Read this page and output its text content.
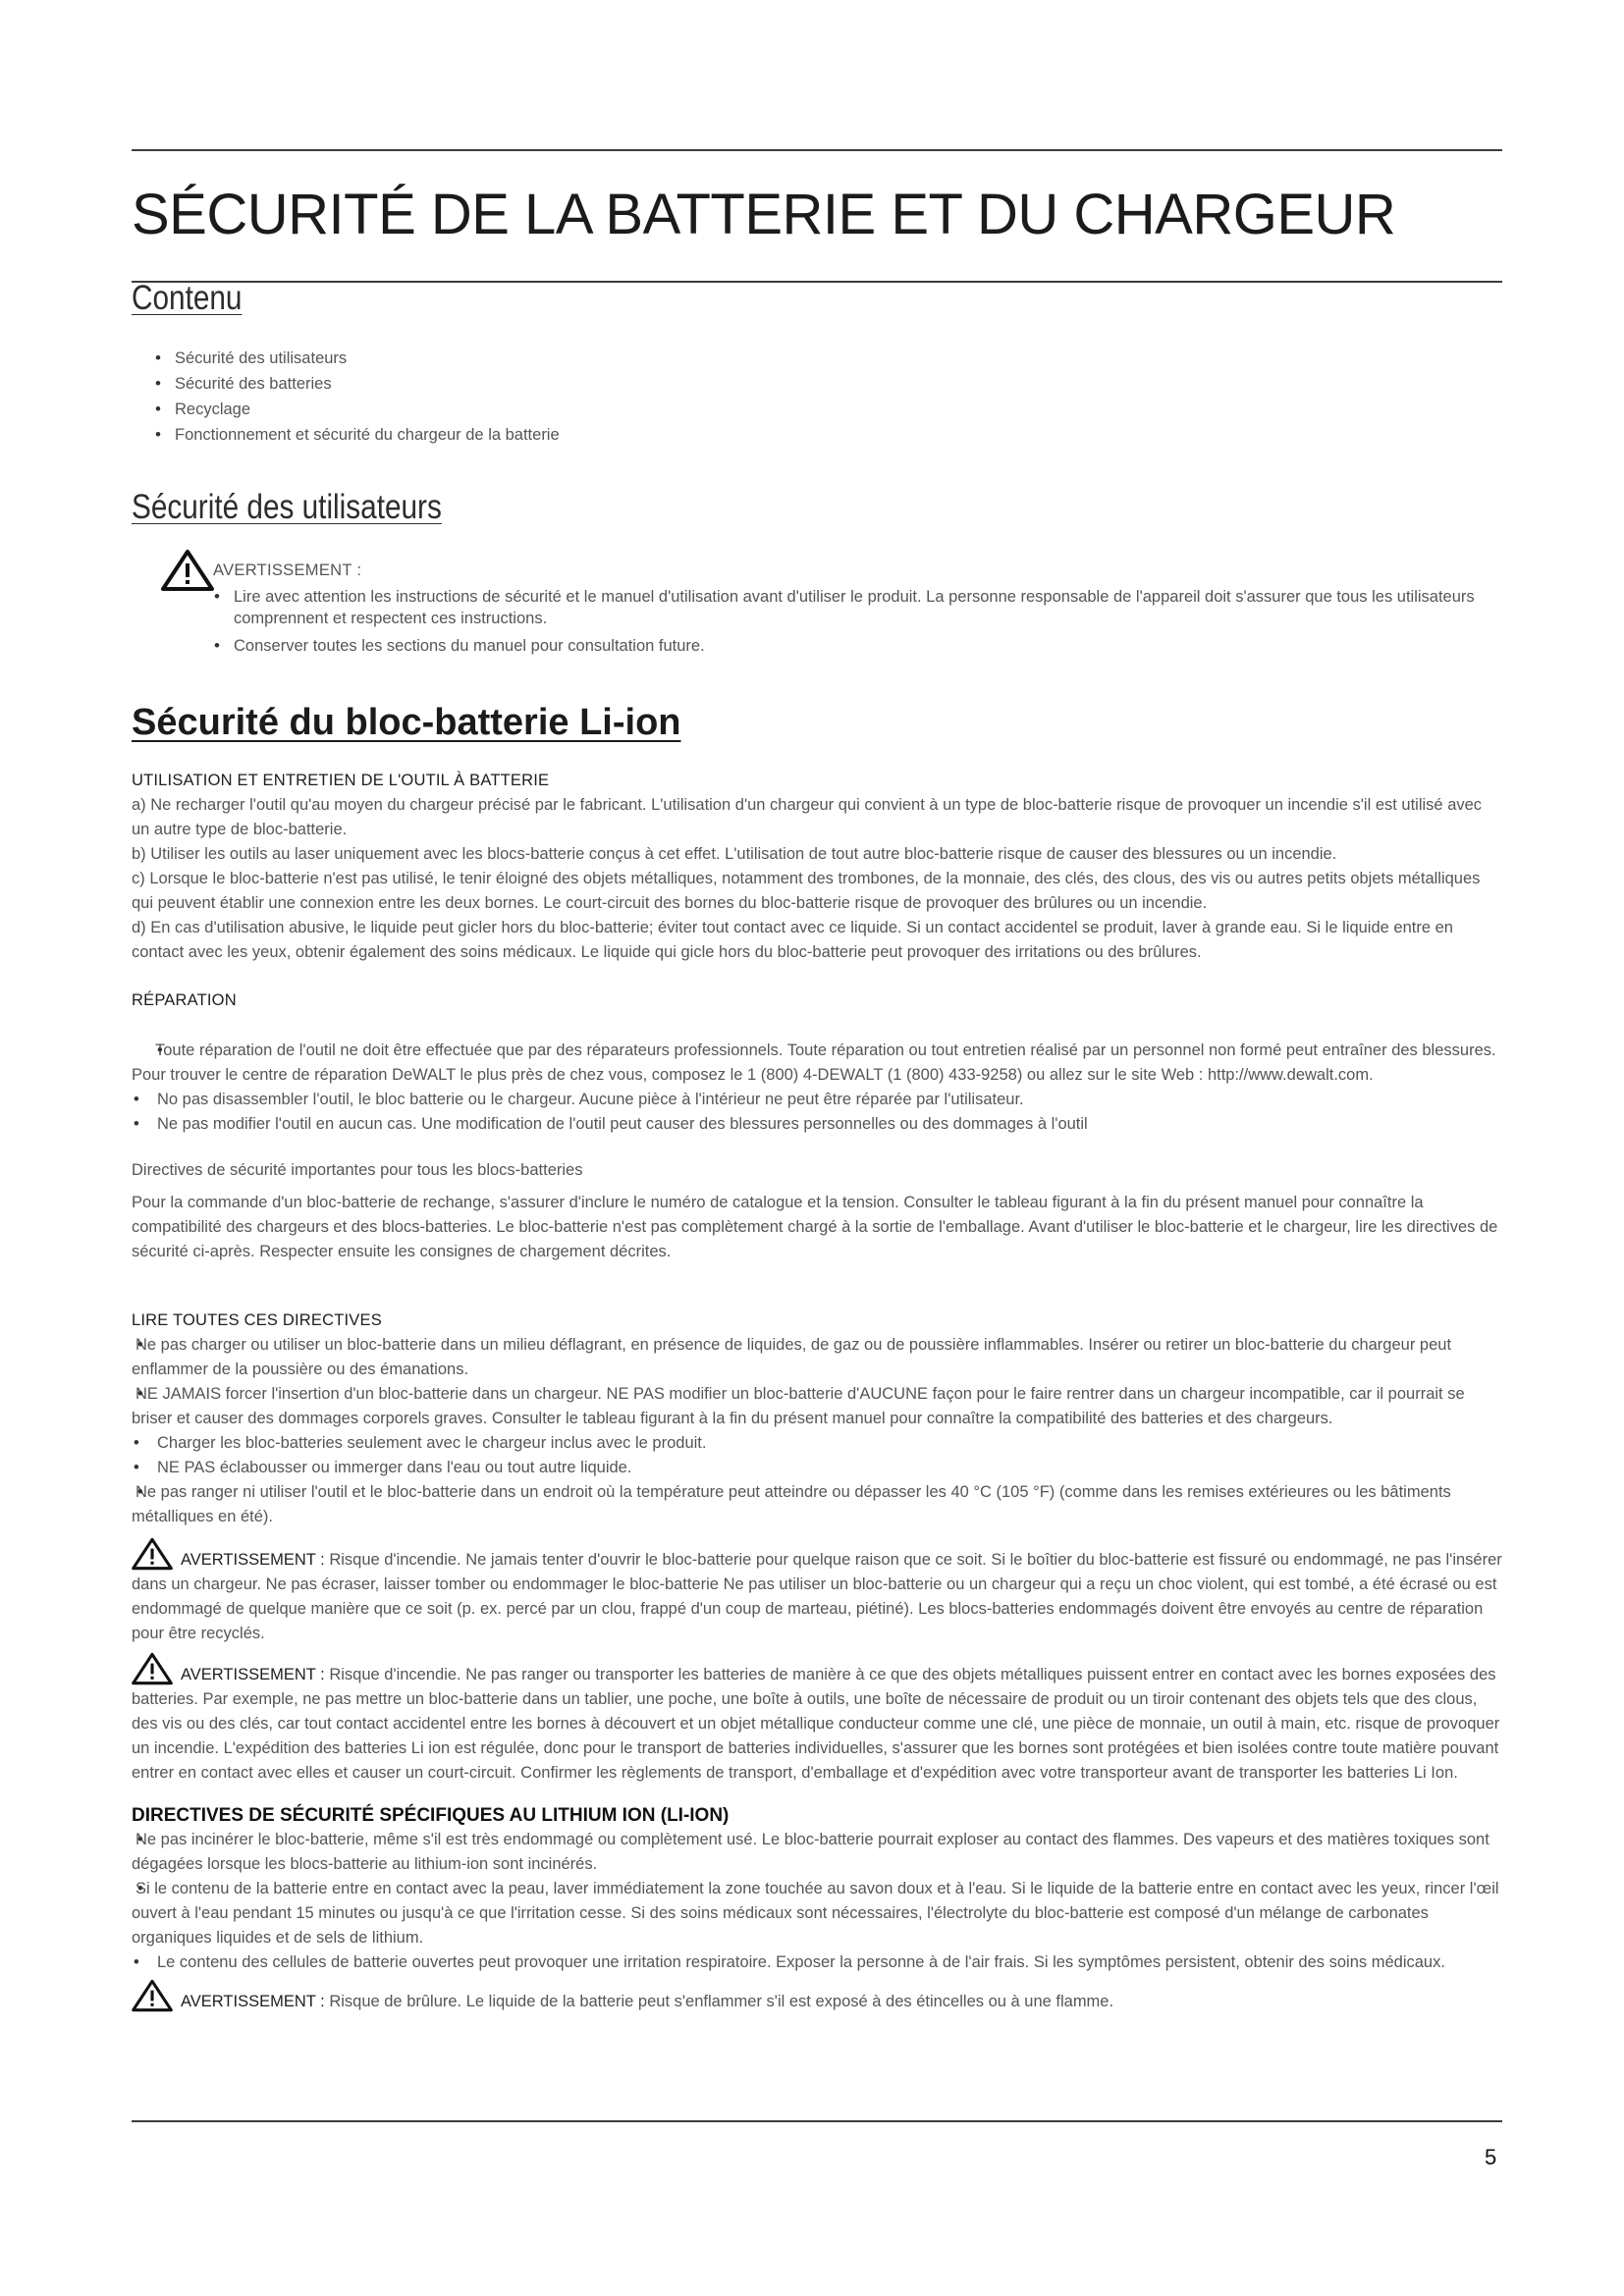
SÉCURITÉ DE LA BATTERIE ET DU CHARGEUR
Contenu
• Sécurité des utilisateurs
• Sécurité des batteries
• Recyclage
• Fonctionnement et sécurité du chargeur de la batterie
Sécurité des utilisateurs
AVERTISSEMENT :
• Lire avec attention les instructions de sécurité et le manuel d'utilisation avant d'utiliser le produit. La personne responsable de l'appareil doit s'assurer que tous les utilisateurs comprennent et respectent ces instructions.
• Conserver toutes les sections du manuel pour consultation future.
Sécurité du bloc-batterie Li-ion

UTILISATION ET ENTRETIEN DE L'OUTIL À BATTERIE

a) Ne recharger l'outil qu'au moyen du chargeur précisé par le fabricant. L'utilisation d'un chargeur qui convient à un type de bloc-batterie risque de provoquer un incendie s'il est utilisé avec un autre type de bloc-batterie.

b) Utiliser les outils au laser uniquement avec les blocs-batterie conçus à cet effet. L'utilisation de tout autre bloc-batterie risque de causer des blessures ou un incendie.

c) Lorsque le bloc-batterie n'est pas utilisé, le tenir éloigné des objets métalliques, notamment des trombones, de la monnaie, des clés, des clous, des vis ou autres petits objets métalliques qui peuvent établir une connexion entre les deux bornes. Le court-circuit des bornes du bloc-batterie risque de provoquer des brûlures ou un incendie.

d) En cas d'utilisation abusive, le liquide peut gicler hors du bloc-batterie; éviter tout contact avec ce liquide. Si un contact accidentel se produit, laver à grande eau. Si le liquide entre en contact avec les yeux, obtenir également des soins médicaux. Le liquide qui gicle hors du bloc-batterie peut provoquer des irritations ou des brûlures.

RÉPARATION

• Toute réparation de l'outil ne doit être effectuée que par des réparateurs professionnels. Toute réparation ou tout entretien réalisé par un personnel non formé peut entraîner des blessures. Pour trouver le centre de réparation DeWALT le plus près de chez vous, composez le 1 (800) 4-DEWALT (1 (800) 433-9258) ou allez sur le site Web : http://www.dewalt.com.
• No pas disassembler l'outil, le bloc batterie ou le chargeur. Aucune pièce à l'intérieur ne peut être réparée par l'utilisateur.
• Ne pas modifier l'outil en aucun cas. Une modification de l'outil peut causer des blessures personnelles ou des dommages à l'outil

Directives de sécurité importantes pour tous les blocs-batteries

Pour la commande d'un bloc-batterie de rechange, s'assurer d'inclure le numéro de catalogue et la tension. Consulter le tableau figurant à la fin du présent manuel pour connaître la compatibilité des chargeurs et des blocs-batteries. Le bloc-batterie n'est pas complètement chargé à la sortie de l'emballage. Avant d'utiliser le bloc-batterie et le chargeur, lire les directives de sécurité ci-après. Respecter ensuite les consignes de chargement décrites.

LIRE TOUTES CES DIRECTIVES

• Ne pas charger ou utiliser un bloc-batterie dans un milieu déflagrant, en présence de liquides, de gaz ou de poussière inflammables. Insérer ou retirer un bloc-batterie du chargeur peut enflammer de la poussière ou des émanations.
• NE JAMAIS forcer l'insertion d'un bloc-batterie dans un chargeur. NE PAS modifier un bloc-batterie d'AUCUNE façon pour le faire rentrer dans un chargeur incompatible, car il pourrait se briser et causer des dommages corporels graves. Consulter le tableau figurant à la fin du présent manuel pour connaître la compatibilité des batteries et des chargeurs.
• Charger les bloc-batteries seulement avec le chargeur inclus avec le produit.
• NE PAS éclabousser ou immerger dans l'eau ou tout autre liquide.
• Ne pas ranger ni utiliser l'outil et le bloc-batterie dans un endroit où la température peut atteindre ou dépasser les 40 °C (105 °F) (comme dans les remises extérieures ou les bâtiments métalliques en été).

AVERTISSEMENT : Risque d'incendie. Ne jamais tenter d'ouvrir le bloc-batterie pour quelque raison que ce soit. Si le boîtier du bloc-batterie est fissuré ou endommagé, ne pas l'insérer dans un chargeur. Ne pas écraser, laisser tomber ou endommager le bloc-batterie Ne pas utiliser un bloc-batterie ou un chargeur qui a reçu un choc violent, qui est tombé, a été écrasé ou est endommagé de quelque manière que ce soit (p. ex. percé par un clou, frappé d'un coup de marteau, piétiné). Les blocs-batteries endommagés doivent être envoyés au centre de réparation pour être recyclés.

AVERTISSEMENT : Risque d'incendie. Ne pas ranger ou transporter les batteries de manière à ce que des objets métalliques puissent entrer en contact avec les bornes exposées des batteries. Par exemple, ne pas mettre un bloc-batterie dans un tablier, une poche, une boîte à outils, une boîte de nécessaire de produit ou un tiroir contenant des objets tels que des clous, des vis ou des clés, car tout contact accidentel entre les bornes à découvert et un objet métallique conducteur comme une clé, une pièce de monnaie, un outil à main, etc. risque de provoquer un incendie. L'expédition des batteries Li ion est régulée, donc pour le transport de batteries individuelles, s'assurer que les bornes sont protégées et bien isolées contre toute matière pouvant entrer en contact avec elles et causer un court-circuit. Confirmer les règlements de transport, d'emballage et d'expédition avec votre transporteur avant de transporter les batteries Li Ion.

DIRECTIVES DE SÉCURITÉ SPÉCIFIQUES AU LITHIUM ION (LI-ION)

• Ne pas incinérer le bloc-batterie, même s'il est très endommagé ou complètement usé. Le bloc-batterie pourrait exploser au contact des flammes. Des vapeurs et des matières toxiques sont dégagées lorsque les blocs-batterie au lithium-ion sont incinérés.
• Si le contenu de la batterie entre en contact avec la peau, laver immédiatement la zone touchée au savon doux et à l'eau. Si le liquide de la batterie entre en contact avec les yeux, rincer l'œil ouvert à l'eau pendant 15 minutes ou jusqu'à ce que l'irritation cesse. Si des soins médicaux sont nécessaires, l'électrolyte du bloc-batterie est composé d'un mélange de carbonates organiques liquides et de sels de lithium.
• Le contenu des cellules de batterie ouvertes peut provoquer une irritation respiratoire. Exposer la personne à de l'air frais. Si les symptômes persistent, obtenir des soins médicaux.

AVERTISSEMENT : Risque de brûlure. Le liquide de la batterie peut s'enflammer s'il est exposé à des étincelles ou à une flamme.

5
